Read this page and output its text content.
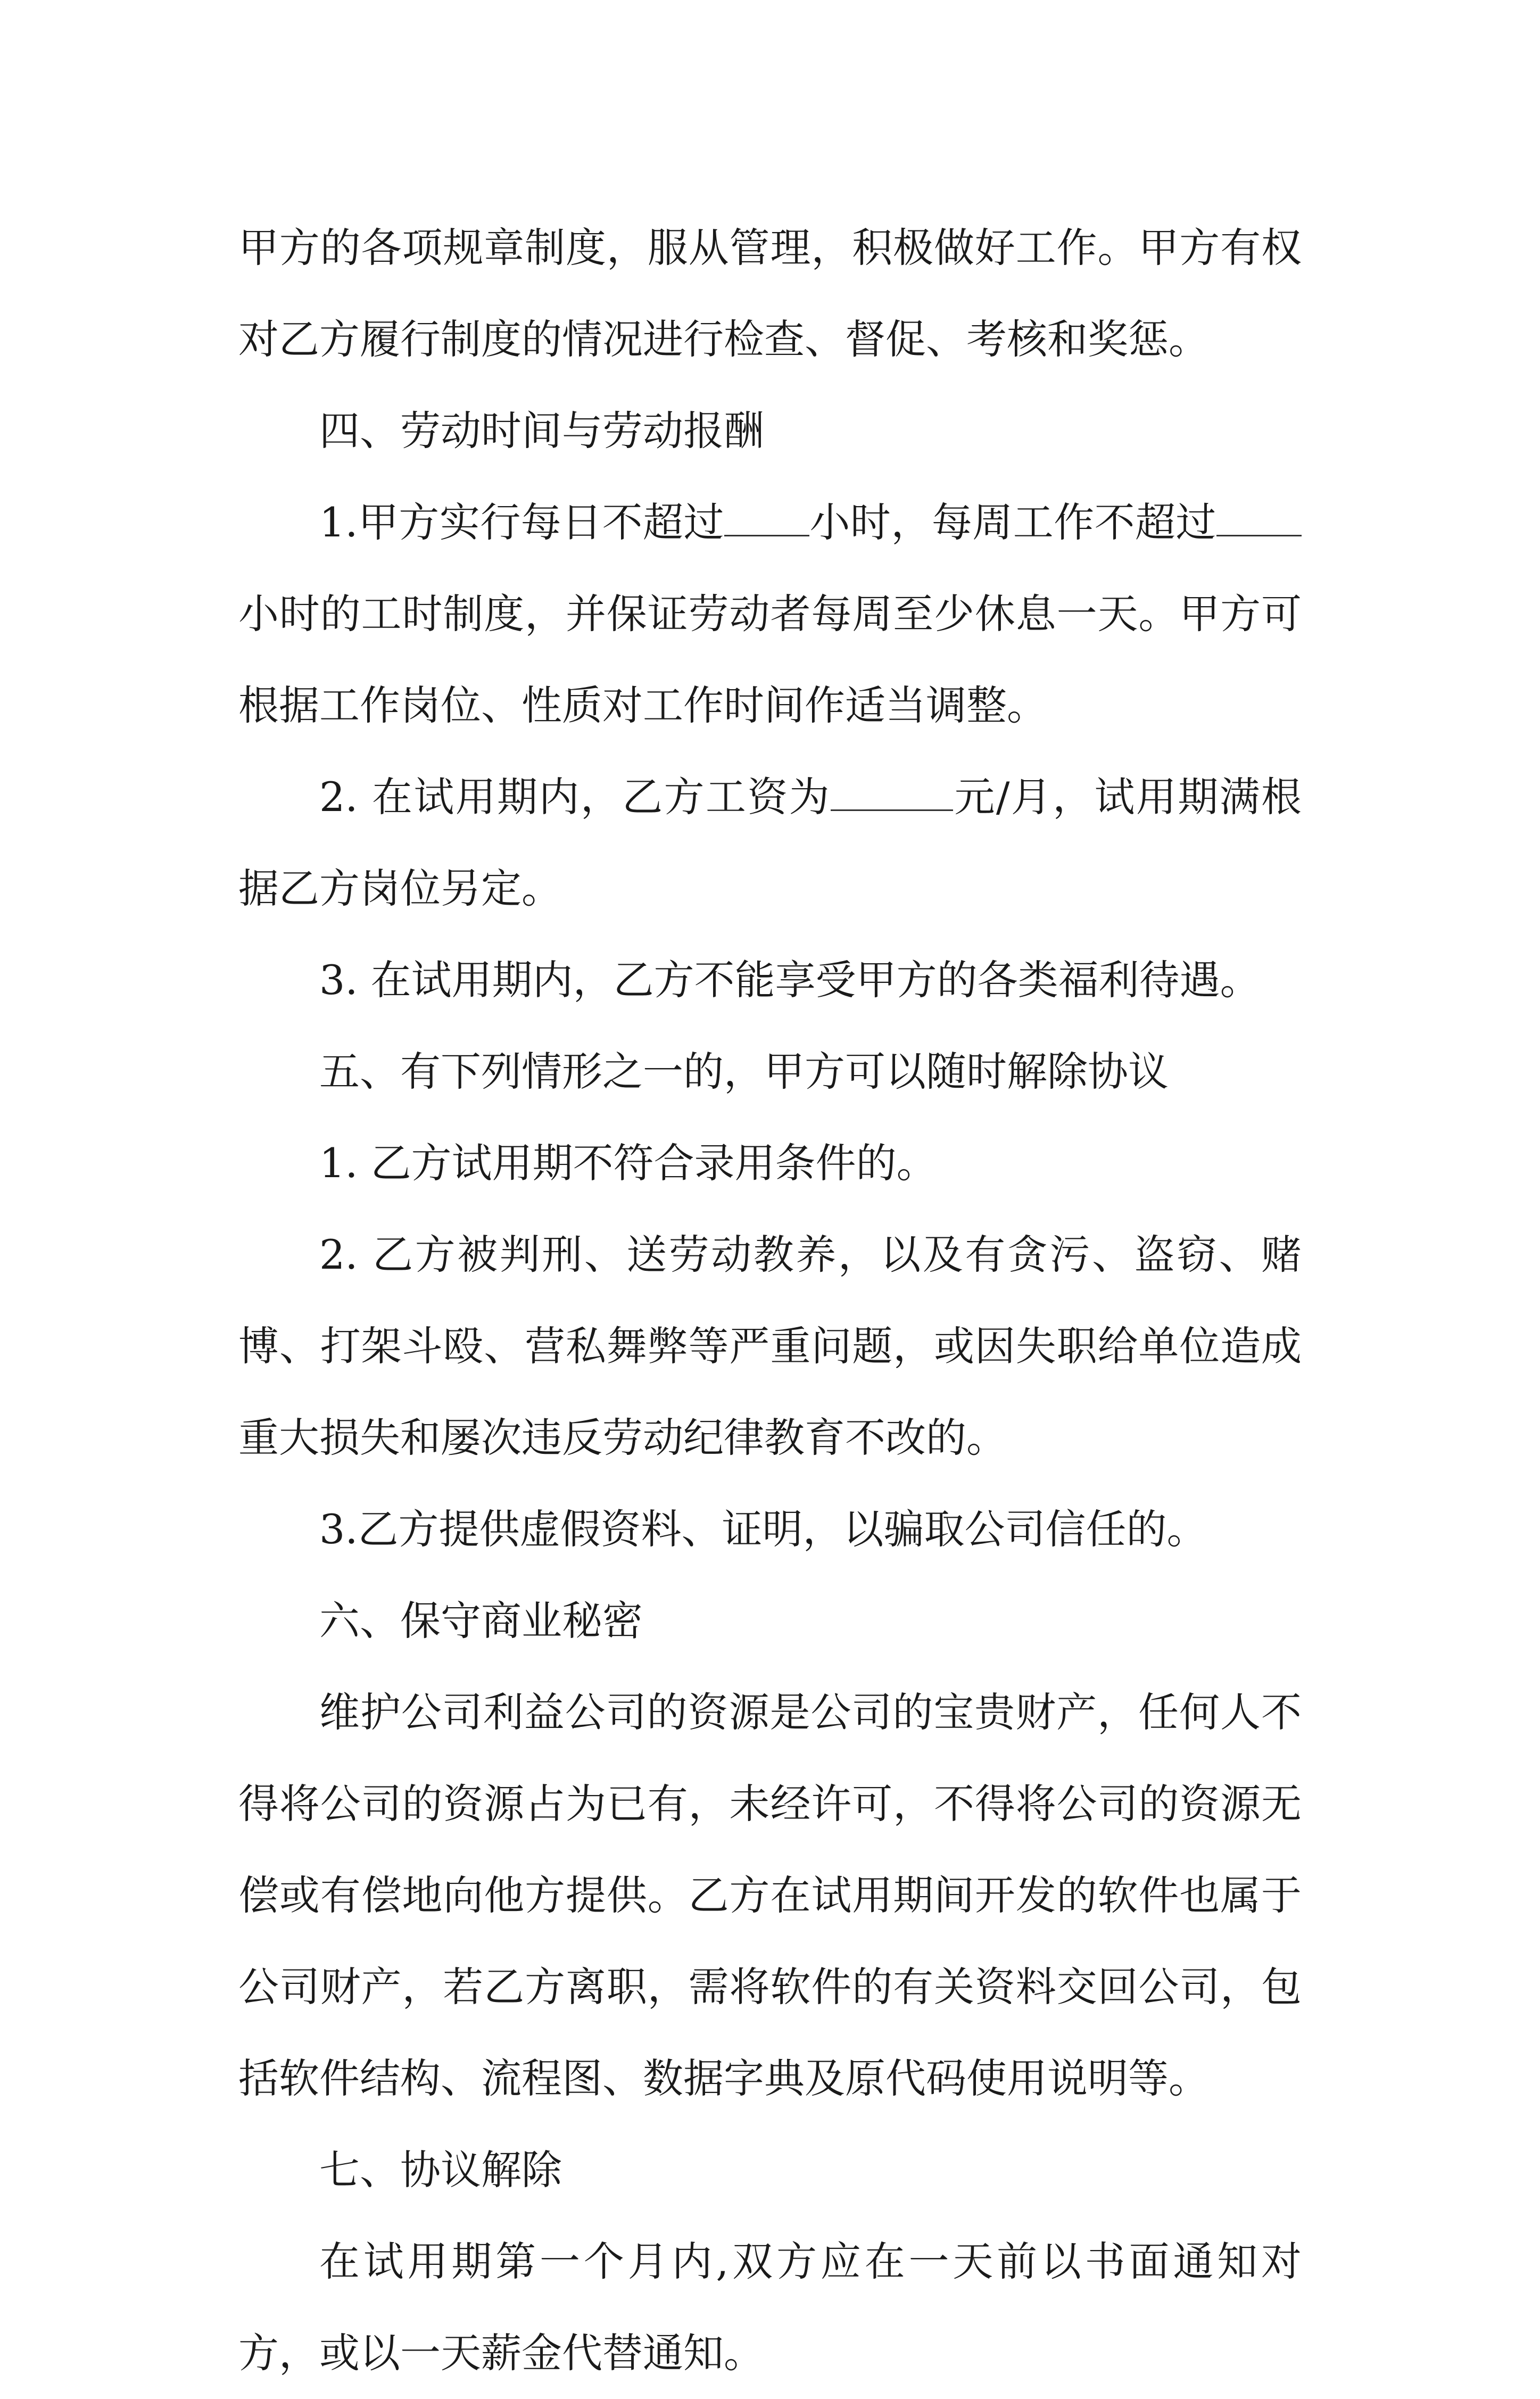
甲方的各项规章制度，服从管理，积极做好工作。甲方有权对乙方履行制度的情况进行检查、督促、考核和奖惩。

四、劳动时间与劳动报酬

1.甲方实行每日不超过 小时，每周工作不超过小时的工时制度，并保证劳动者每周至少休息一天。甲方可根据工作岗位、性质对工作时间作适当调整。

2. 在试用期内，乙方工资为	元/月，试用期满根据乙方岗位另定。

3. 在试用期内，乙方不能享受甲方的各类福利待遇。

五、有下列情形之一的，甲方可以随时解除协议

1. 乙方试用期不符合录用条件的。

2. 乙方被判刑、送劳动教养，以及有贪污、盗窃、赌博、打架斗殴、营私舞弊等严重问题，或因失职给单位造成重大损失和屡次违反劳动纪律教育不改的。

3.乙方提供虚假资料、证明，以骗取公司信任的。

六、保守商业秘密

维护公司利益公司的资源是公司的宝贵财产，任何人不得将公司的资源占为已有，未经许可，不得将公司的资源无偿或有偿地向他方提供。乙方在试用期间开发的软件也属于公司财产，若乙方离职，需将软件的有关资料交回公司，包括软件结构、流程图、数据字典及原代码使用说明等。

七、协议解除

在试用期第一个月内,双方应在一天前以书面通知对方，或以一天薪金代替通知。
